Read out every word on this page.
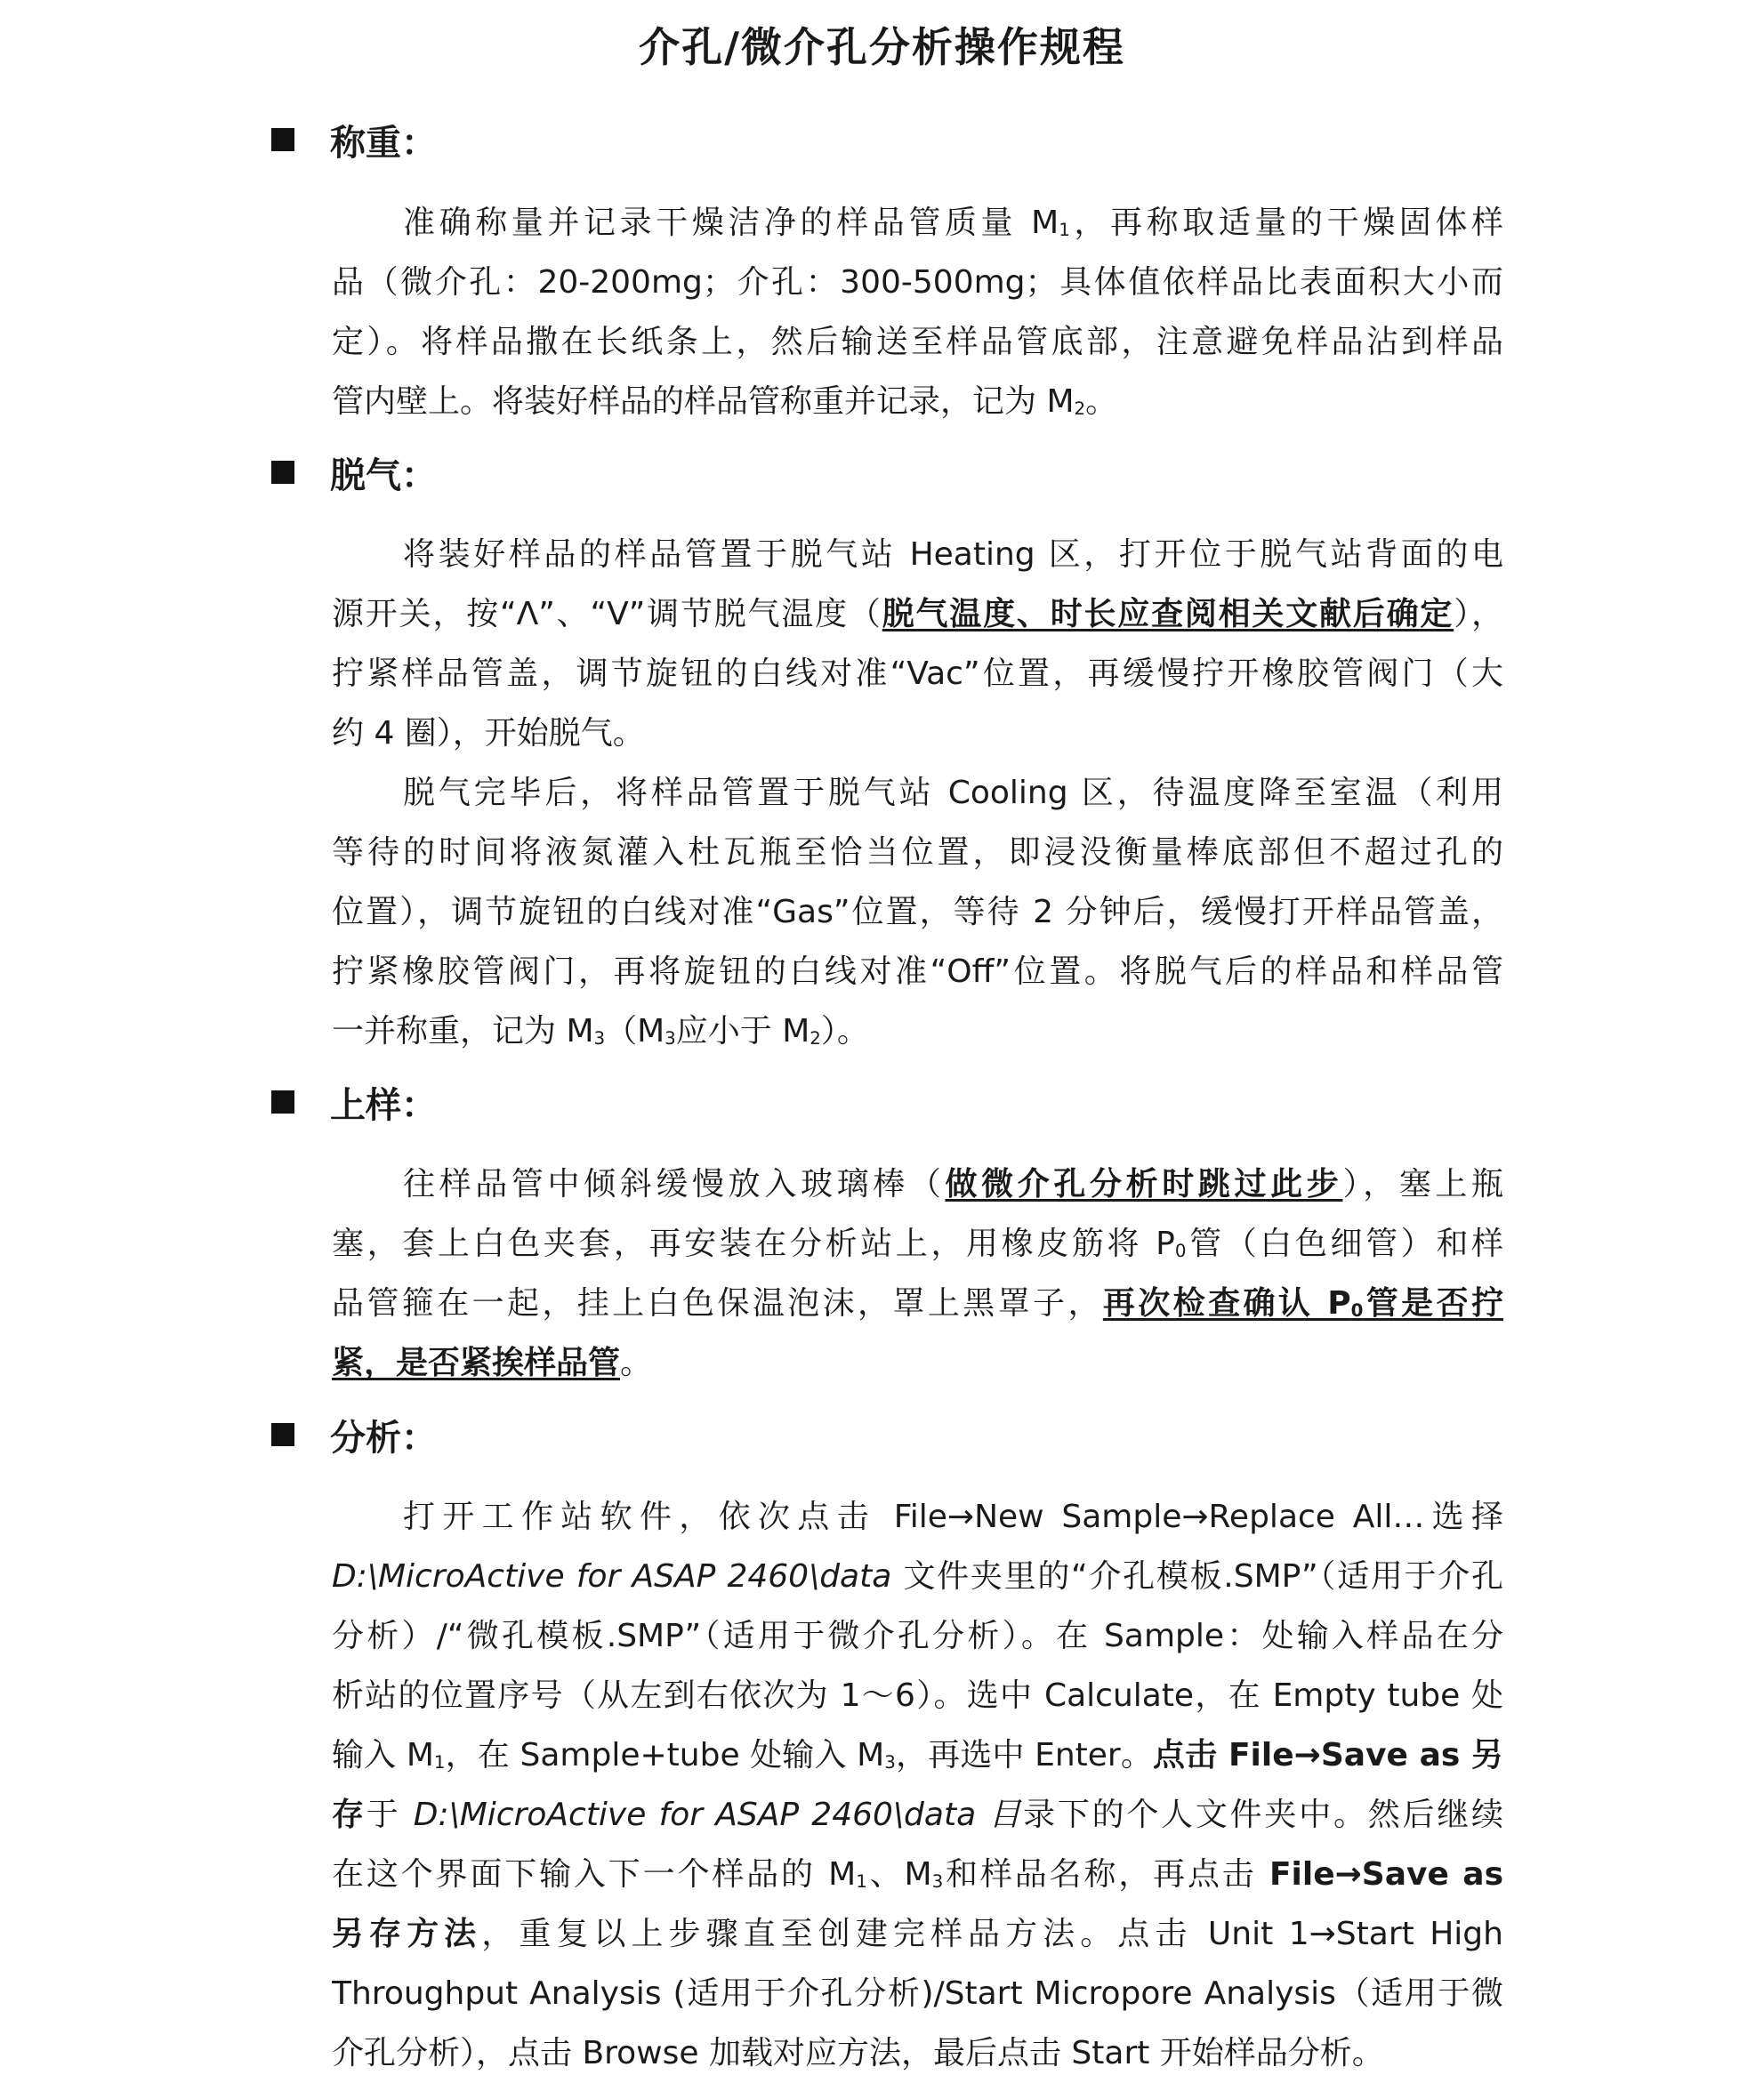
介孔/微介孔分析操作规程
称重：
准确称量并记录干燥洁净的样品管质量 $M_1$，再称取适量的干燥固体样
品（微介孔：20-200mg；介孔：300-500mg；具体值依样品比表面积大小而
定）。将样品撒在长纸条上，然后输送至样品管底部，注意避免样品沾到样品
管内壁上。将装好样品的样品管称重并记录，记为 $M_2$。
脱气：
将装好样品的样品管置于脱气站 Heating 区，打开位于脱气站背面的电
源开关，按“Λ”、“V”调节脱气温度（脱气温度、时长应查阅相关文献后确定），
拧紧样品管盖，调节旋钮的白线对准“Vac”位置，再缓慢拧开橡胶管阀门（大
约 4 圈），开始脱气。
脱气完毕后，将样品管置于脱气站 Cooling 区，待温度降至室温（利用
等待的时间将液氮灌入杜瓦瓶至恰当位置，即浸没衡量棒底部但不超过孔的
位置），调节旋钮的白线对准“Gas”位置，等待 2 分钟后，缓慢打开样品管盖，
拧紧橡胶管阀门，再将旋钮的白线对准“Off”位置。将脱气后的样品和样品管
一并称重，记为 $M_3(M_3$应小于 $M_2$）。
上样：
往样品管中倾斜缓慢放入玻璃棒（做微介孔分析时跳过此步），塞上瓶
塞，套上白色夹套，再安装在分析站上，用橡皮筋将 $P_0$管（白色细管）和样
品管箍在一起，挂上白色保温泡沫，罩上黑罩子，再次检查确认 $P_0$管是否拧
紧，是否紧挨样品管。
分析：
打开工作站软件，依次点击 File→New Sample→Replace All…选择
D:\MicroActive for ASAP 2460\data 文件夹里的“介孔模板.SMP”（适用于介孔
分析）/“微孔模板.SMP”（适用于微介孔分析）。在 Sample：处输入样品在分
析站的位置序号（从左到右依次为 1～6）。选中 Calculate，在 Empty tube 处
输入 $M_1$，在 Sample+tube 处输入 $M_3$，再选中 Enter。点击 File→Save as 另
存于 D:\MicroActive for ASAP 2460\data 目录下的个人文件夹中。然后继续
在这个界面下输入下一个样品的 $M_1$、$M_3$和样品名称，再点击 File→Save as
另存方法，重复以上步骤直至创建完样品方法。点击 Unit 1→Start High
Throughput Analysis (适用于介孔分析)/Start Micropore Analysis（适用于微
介孔分析），点击 Browse 加载对应方法，最后点击 Start 开始样品分析。
